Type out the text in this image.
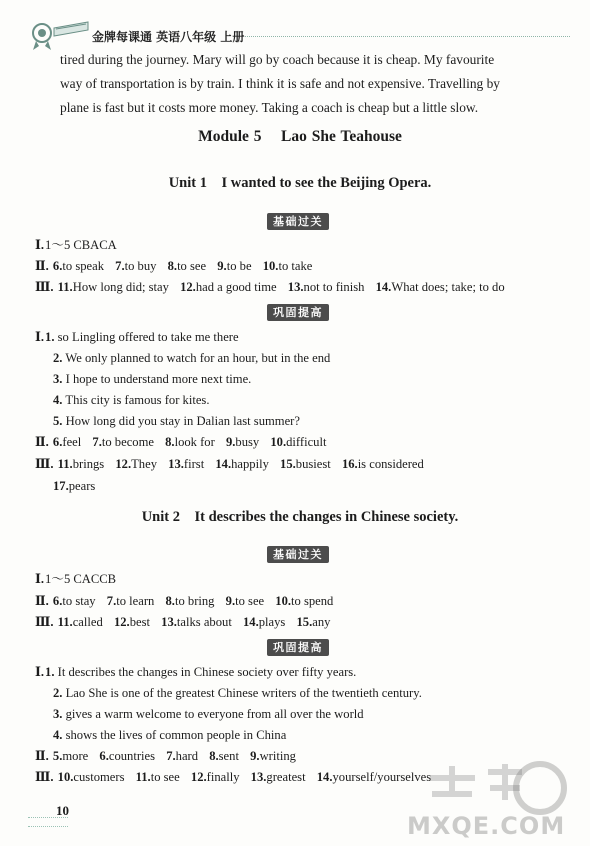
金牌每课通 英语八年级 上册
tired during the journey. Mary will go by coach because it is cheap. My favourite
way of transportation is by train. I think it is safe and not expensive. Travelling by
plane is fast but it costs more money. Taking a coach is cheap but a little slow.
Module 5    Lao She Teahouse
Unit 1    I wanted to see the Beijing Opera.
基础过关
Ⅰ.1～5 CBACA
Ⅱ. 6.to speak 7.to buy 8.to see 9.to be 10.to take
Ⅲ. 11.How long did; stay 12.had a good time 13.not to finish 14.What does; take; to do
巩固提高
Ⅰ.1. so Lingling offered to take me there
2. We only planned to watch for an hour, but in the end
3. I hope to understand more next time.
4. This city is famous for kites.
5. How long did you stay in Dalian last summer?
Ⅱ. 6.feel 7.to become 8.look for 9.busy 10.difficult
Ⅲ. 11.brings 12.They 13.first 14.happily 15.busiest 16.is considered
17.pears
Unit 2    It describes the changes in Chinese society.
基础过关
Ⅰ.1～5 CACCB
Ⅱ. 6.to stay 7.to learn 8.to bring 9.to see 10.to spend
Ⅲ. 11.called 12.best 13.talks about 14.plays 15.any
巩固提高
Ⅰ.1. It describes the changes in Chinese society over fifty years.
2. Lao She is one of the greatest Chinese writers of the twentieth century.
3. gives a warm welcome to everyone from all over the world
4. shows the lives of common people in China
Ⅱ. 5.more 6.countries 7.hard 8.sent 9.writing
Ⅲ. 10.customers 11.to see 12.finally 13.greatest 14.yourself/yourselves
10
MXQE.COM
